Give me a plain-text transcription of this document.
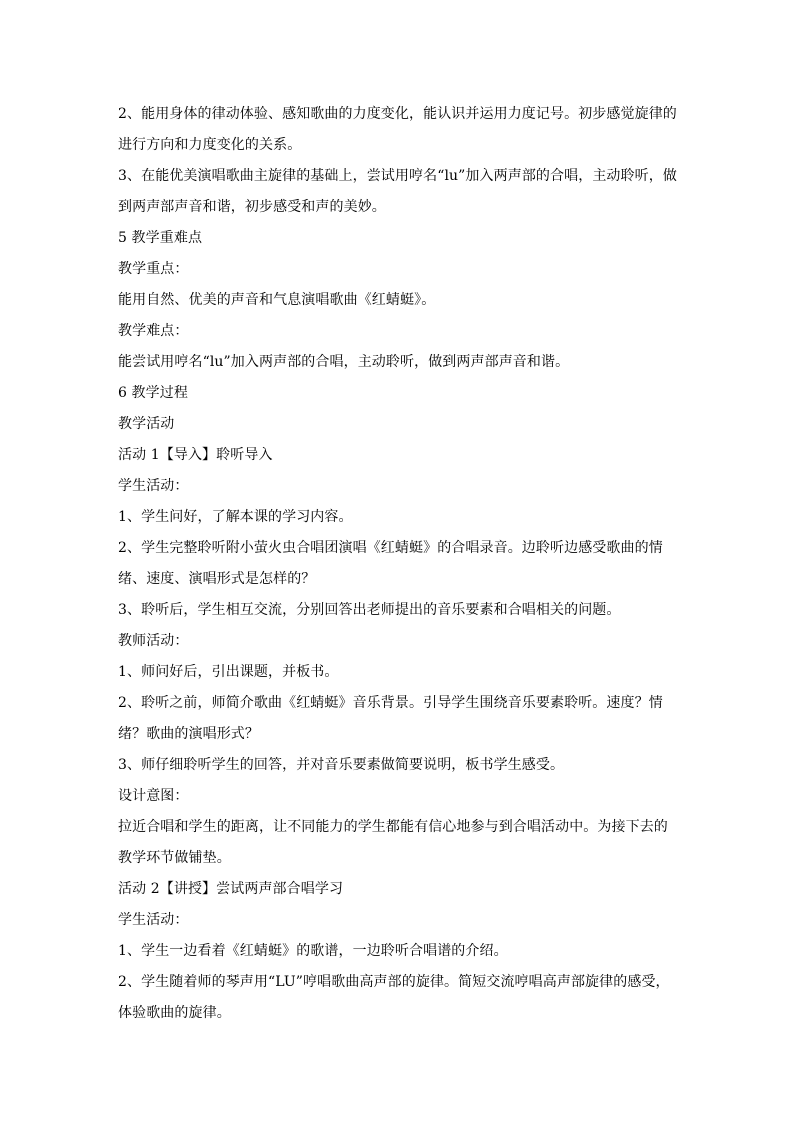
2、能用身体的律动体验、感知歌曲的力度变化，能认识并运用力度记号。初步感觉旋律的进行方向和力度变化的关系。

3、在能优美演唱歌曲主旋律的基础上，尝试用哼名“lu”加入两声部的合唱，主动聆听，做到两声部声音和谐，初步感受和声的美妙。

5 教学重难点

教学重点：

能用自然、优美的声音和气息演唱歌曲《红蜻蜓》。

教学难点：

能尝试用哼名“lu”加入两声部的合唱，主动聆听，做到两声部声音和谐。

6 教学过程

教学活动

活动 1【导入】聆听导入

学生活动：

1、学生问好，了解本课的学习内容。

2、学生完整聆听附小萤火虫合唱团演唱《红蜻蜓》的合唱录音。边聆听边感受歌曲的情绪、速度、演唱形式是怎样的？

3、聆听后，学生相互交流，分别回答出老师提出的音乐要素和合唱相关的问题。

教师活动：

1、师问好后，引出课题，并板书。

2、聆听之前，师简介歌曲《红蜻蜓》音乐背景。引导学生围绕音乐要素聆听。速度？情绪？歌曲的演唱形式？

3、师仔细聆听学生的回答，并对音乐要素做简要说明，板书学生感受。

设计意图：

拉近合唱和学生的距离，让不同能力的学生都能有信心地参与到合唱活动中。为接下去的教学环节做铺垫。

活动 2【讲授】尝试两声部合唱学习

学生活动：

1、学生一边看着《红蜻蜓》的歌谱，一边聆听合唱谱的介绍。

2、学生随着师的琴声用“LU”哼唱歌曲高声部的旋律。简短交流哼唱高声部旋律的感受，体验歌曲的旋律。
